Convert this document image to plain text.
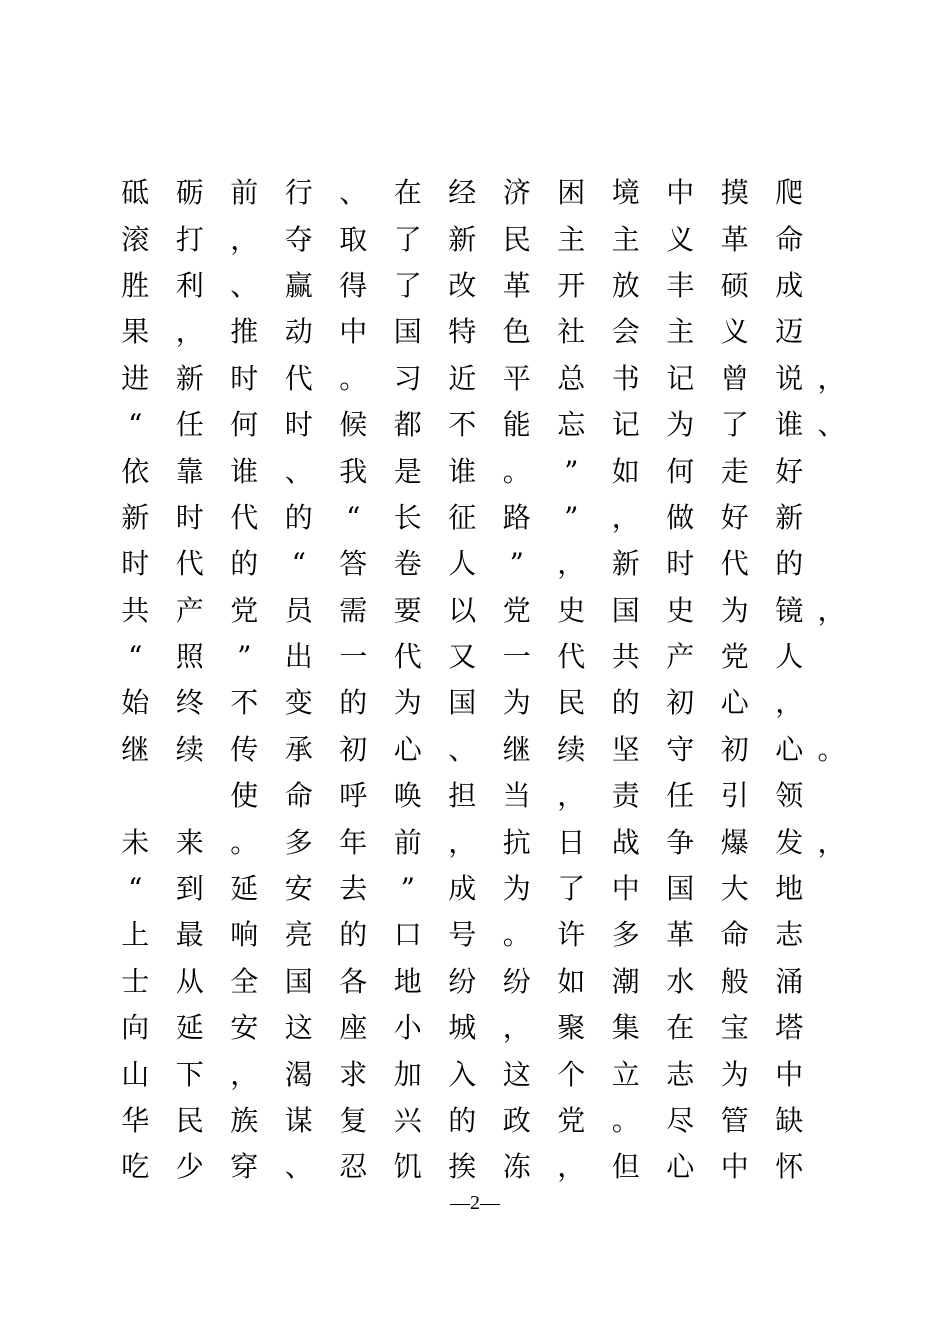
砥 砺 前 行 、 在 经 济 困 境 中 摸 爬
滚 打 ， 夺 取 了 新 民 主 主 义 革 命
胜 利 、 赢 得 了 改 革 开 放 丰 硕 成
果 ， 推 动 中 国 特 色 社 会 主 义 迈
进 新 时 代 。 习 近 平 总 书 记 曾 说 ，
“	任 何 时 候 都 不 能 忘 记 为 了 谁 、
依 靠 谁 、 我 是 谁 。	”	如 何 走 好
新 时 代 的	“	长 征 路	”	， 做 好 新
时 代 的	“	答 卷 人	”	， 新 时 代 的
共 产 党 员 需 要 以 党 史 国 史 为 镜 ，
“	照	”	出 一 代 又 一 代 共 产 党 人
始 终 不 变 的 为 国 为 民 的 初 心 ，
继 续 传 承 初 心 、 继 续 坚 守 初 心 。

使 命 呼 唤 担 当 ， 责 任 引 领
未 来 。 多 年 前 ， 抗 日 战 争 爆 发 ，
“	到 延 安 去	”	成 为 了 中 国 大 地
上 最 响 亮 的 口 号 。 许 多 革 命 志
士 从 全 国 各 地 纷 纷 如 潮 水 般 涌
向 延 安 这 座 小 城 ， 聚 集 在 宝 塔
山 下 ， 渴 求 加 入 这 个 立 志 为 中
华 民 族 谋 复 兴 的 政 党 。 尽 管 缺
吃 少 穿 、 忍 饥 挨 冻 ， 但 心 中 怀
—2—
